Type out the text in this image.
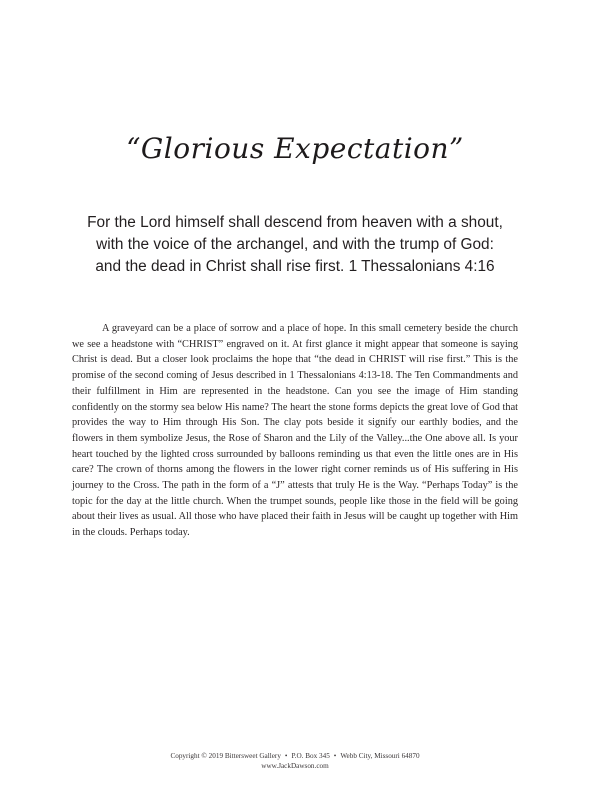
“Glorious Expectation”

For the Lord himself shall descend from heaven with a shout,
with the voice of the archangel, and with the trump of God:
and the dead in Christ shall rise first. 1 Thessalonians 4:16

A graveyard can be a place of sorrow and a place of hope. In this small cemetery beside the church we see a headstone with “CHRIST” engraved on it. At first glance it might appear that someone is saying Christ is dead. But a closer look proclaims the hope that “the dead in CHRIST will rise first.” This is the promise of the second coming of Jesus described in 1 Thessalonians 4:13-18. The Ten Commandments and their fulfillment in Him are represented in the headstone. Can you see the image of Him standing confidently on the stormy sea below His name? The heart the stone forms depicts the great love of God that provides the way to Him through His Son. The clay pots beside it signify our earthly bodies, and the flowers in them symbolize Jesus, the Rose of Sharon and the Lily of the Valley...the One above all. Is your heart touched by the lighted cross surrounded by balloons reminding us that even the little ones are in His care? The crown of thorns among the flowers in the lower right corner reminds us of His suffering in His journey to the Cross. The path in the form of a “J” attests that truly He is the Way. “Perhaps Today” is the topic for the day at the little church. When the trumpet sounds, people like those in the field will be going about their lives as usual. All those who have placed their faith in Jesus will be caught up together with Him in the clouds. Perhaps today.

Copyright © 2019 Bittersweet Gallery • P.O. Box 345 • Webb City, Missouri 64870
www.JackDawson.com
